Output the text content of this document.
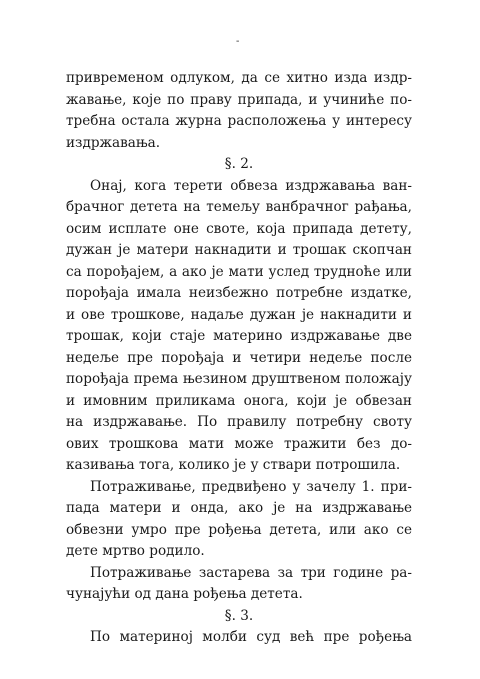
-
привременом одлуком, да се хитно изда издр-
жавање, које по праву припада, и учиниће по-
требна остала журна расположења у интересу
издржавања.
§. 2.
Онај, кога терети обвеза издржавања ван-
брачног детета на темељу ванбрачног рађања,
осим исплате оне своте, која припада детету,
дужан је матери накнадити и трошак скопчан
са порођајем, а ако је мати услед трудноће или
порођаја имала неизбежно потребне издатке,
и ове трошкове, надаље дужан је накнадити и
трошак, који стаје материно издржавање две
недеље пре порођаја и четири недеље после
порођаја према њезином друштвеном положају
и имовним приликама онога, који је обвезан
на издржавање. По правилу потребну своту
ових трошкова мати може тражити без до-
казивања тога, колико је у ствари потрошила.
Потраживање, предвиђено у зачелу 1. при-
пада матери и онда, ако је на издржавање
обвезни умро пре рођења детета, или ако се
дете мртво родило.
Потраживање застарева за три године ра-
чунајући од дана рођења детета.
§. 3.
По материној молби суд већ пре рођења
